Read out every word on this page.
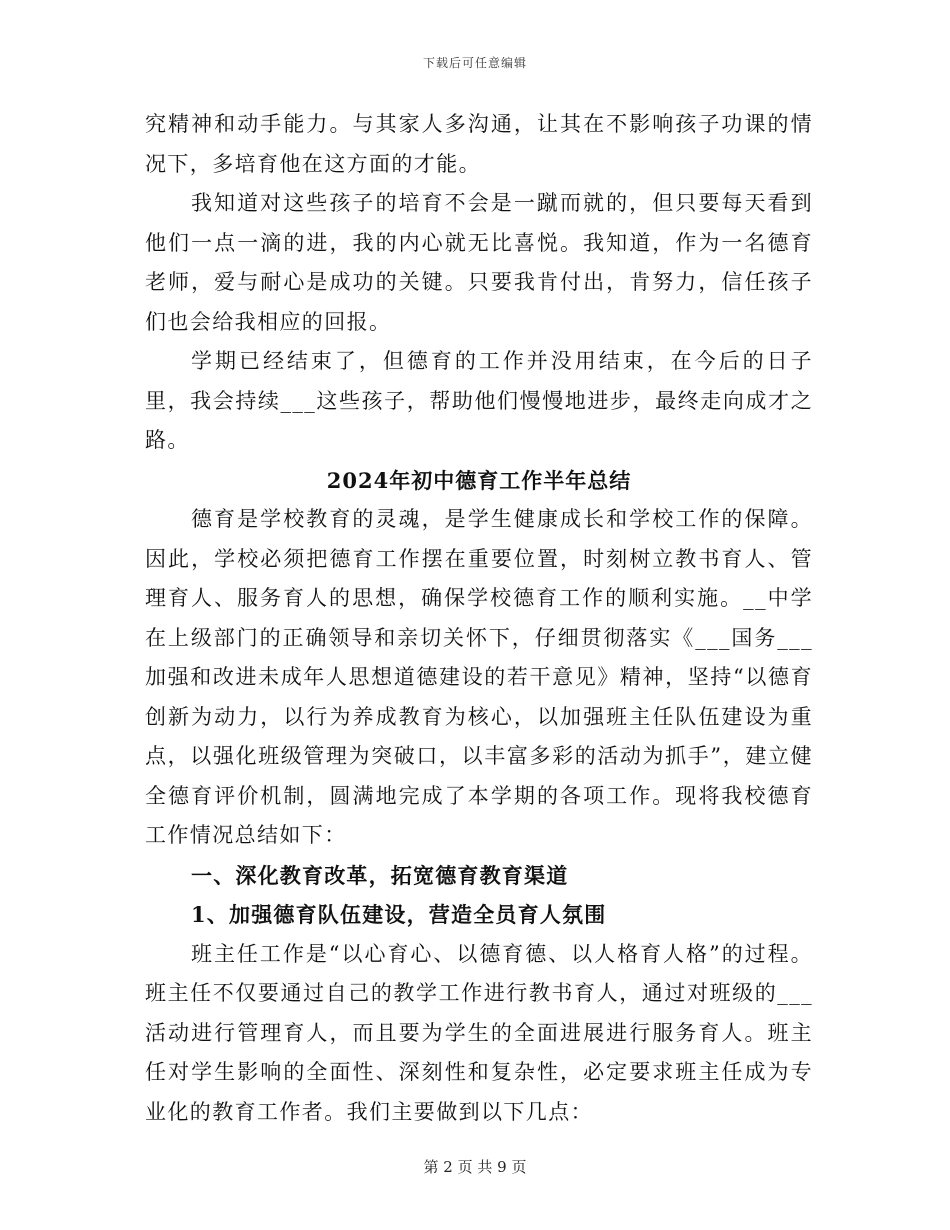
下载后可任意编辑

究精神和动手能力。与其家人多沟通，让其在不影响孩子功课的情况下，多培育他在这方面的才能。

我知道对这些孩子的培育不会是一蹴而就的，但只要每天看到他们一点一滴的进，我的内心就无比喜悦。我知道，作为一名德育老师，爱与耐心是成功的关键。只要我肯付出，肯努力，信任孩子们也会给我相应的回报。

学期已经结束了，但德育的工作并没用结束，在今后的日子里，我会持续___这些孩子，帮助他们慢慢地进步，最终走向成才之路。

2024年初中德育工作半年总结

德育是学校教育的灵魂，是学生健康成长和学校工作的保障。因此，学校必须把德育工作摆在重要位置，时刻树立教书育人、管理育人、服务育人的思想，确保学校德育工作的顺利实施。__中学在上级部门的正确领导和亲切关怀下，仔细贯彻落实《___国务___加强和改进未成年人思想道德建设的若干意见》精神，坚持“以德育创新为动力，以行为养成教育为核心，以加强班主任队伍建设为重点，以强化班级管理为突破口，以丰富多彩的活动为抓手”，建立健全德育评价机制，圆满地完成了本学期的各项工作。现将我校德育工作情况总结如下：

一、深化教育改革，拓宽德育教育渠道

1、加强德育队伍建设，营造全员育人氛围

班主任工作是“以心育心、以德育德、以人格育人格”的过程。班主任不仅要通过自己的教学工作进行教书育人，通过对班级的___活动进行管理育人，而且要为学生的全面进展进行服务育人。班主任对学生影响的全面性、深刻性和复杂性，必定要求班主任成为专业化的教育工作者。我们主要做到以下几点：

第 2 页 共 9 页
